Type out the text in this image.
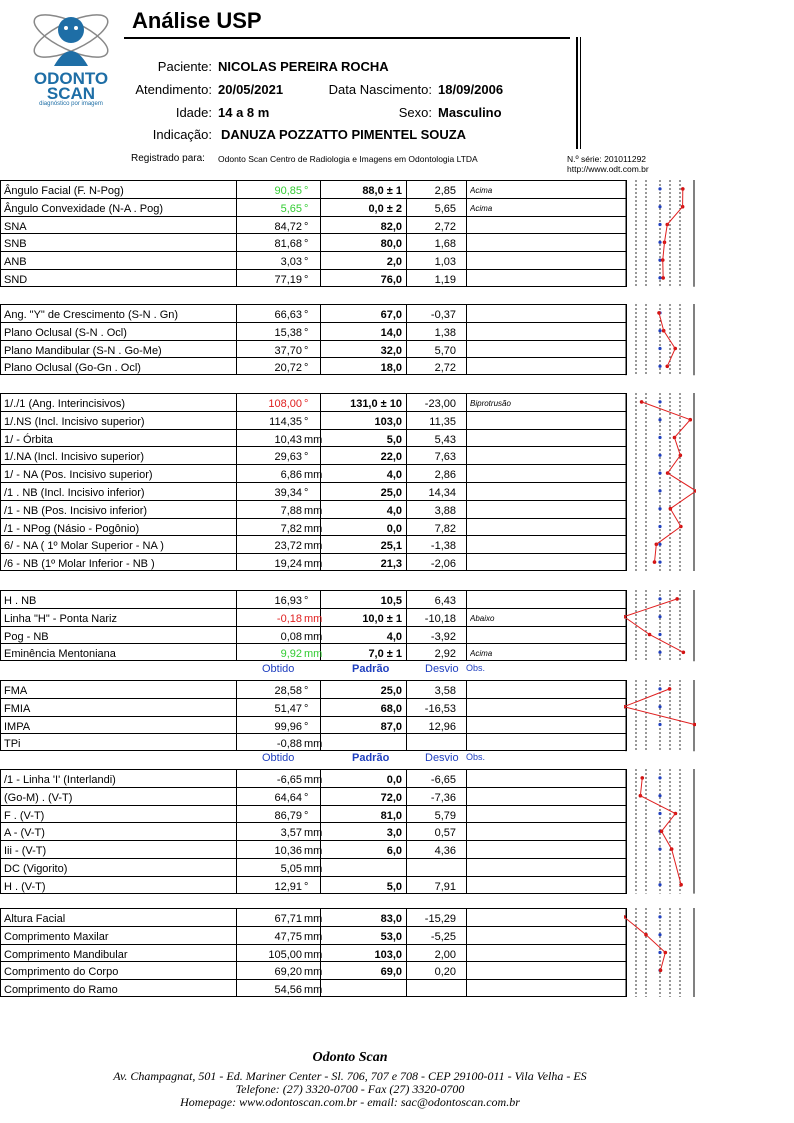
ODONTO
SCAN
diagnóstico por imagem
Análise USP
Paciente: NICOLAS PEREIRA ROCHA
Atendimento: 20/05/2021	Data Nascimento: 18/09/2006
Idade: 14 a 8 m	Sexo: Masculino
Indicação: DANUZA POZZATTO PIMENTEL SOUZA
Registrado para: Odonto Scan Centro de Radiologia e Imagens em Odontologia LTDA	N.º série: 201011292
http://www.odt.com.br
Ângulo Facial (F. N-Pog)	90,85 °	88,0 ± 1	2,85 Acima
Ângulo Convexidade (N-A . Pog)	5,65 °	0,0 ± 2	5,65 Acima
SNA	84,72 °	82,0	2,72
SNB	81,68 °	80,0	1,68
ANB	3,03 °	2,0	1,03
SND	77,19 °	76,0	1,19
Ang. "Y" de Crescimento (S-N . Gn)	66,63 °	67,0	-0,37
Plano Oclusal (S-N . Ocl)	15,38 °	14,0	1,38
Plano Mandibular (S-N . Go-Me)	37,70 °	32,0	5,70
Plano Oclusal (Go-Gn . Ocl)	20,72 °	18,0	2,72
1/./1 (Ang. Interincisivos)	108,00 °	131,0 ± 10	-23,00 Biprotrusão
1/.NS (Incl. Incisivo superior)	114,35 °	103,0	11,35
1/ - Órbita	10,43 mm	5,0	5,43
1/.NA (Incl. Incisivo superior)	29,63 °	22,0	7,63
1/ - NA (Pos. Incisivo superior)	6,86 mm	4,0	2,86
/1 . NB (Incl. Incisivo inferior)	39,34 °	25,0	14,34
/1 - NB (Pos. Incisivo inferior)	7,88 mm	4,0	3,88
/1 - NPog (Násio - Pogônio)	7,82 mm	0,0	7,82
6/ - NA ( 1º Molar Superior - NA )	23,72 mm	25,1	-1,38
/6 - NB (1º Molar Inferior - NB )	19,24 mm	21,3	-2,06
H . NB	16,93 °	10,5	6,43
Linha "H" - Ponta Nariz	-0,18 mm	10,0 ± 1	-10,18 Abaixo
Pog - NB	0,08 mm	4,0	-3,92
Eminência Mentoniana	9,92 mm	7,0 ± 1	2,92 Acima
Obtido	Padrão	Desvio Obs.
FMA	28,58 °	25,0	3,58
FMIA	51,47 °	68,0	-16,53
IMPA	99,96 °	87,0	12,96
TPi	-0,88 mm
Obtido	Padrão	Desvio Obs.
/1 - Linha 'I' (Interlandi)	-6,65 mm	0,0	-6,65
(Go-M) . (V-T)	64,64 °	72,0	-7,36
F . (V-T)	86,79 °	81,0	5,79
A - (V-T)	3,57 mm	3,0	0,57
Iii - (V-T)	10,36 mm	6,0	4,36
DC (Vigorito)	5,05 mm
H . (V-T)	12,91 °	5,0	7,91
Altura Facial	67,71 mm	83,0	-15,29
Comprimento Maxilar	47,75 mm	53,0	-5,25
Comprimento Mandibular	105,00 mm	103,0	2,00
Comprimento do Corpo	69,20 mm	69,0	0,20
Comprimento do Ramo	54,56 mm
Odonto Scan
Av. Champagnat, 501 - Ed. Mariner Center - Sl. 706, 707 e 708 - CEP 29100-011 - Vila Velha - ES
Telefone: (27) 3320-0700 - Fax (27) 3320-0700
Homepage: www.odontoscan.com.br - email: sac@odontoscan.com.br
